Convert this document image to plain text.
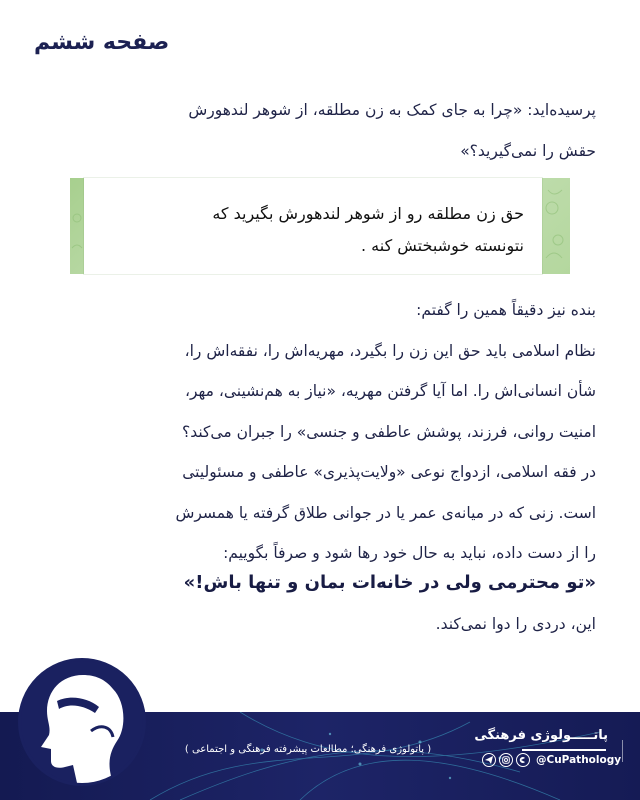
صفحه ششم
پرسیده‌اید: «چرا به جای کمک به زن مطلقه، از شوهر لندهورش
حقش را نمی‌گیرید؟»
حق زن مطلقه رو از شوهر لندهورش بگیرید که
نتونسته خوشبختش کنه .
بنده نیز دقیقاً همین را گفتم:
نظام اسلامی باید حق این زن را بگیرد، مهریه‌اش را، نفقه‌اش را،
شأن انسانی‌اش را. اما آیا گرفتن مهریه، «نیاز به هم‌نشینی، مهر،
امنیت روانی، فرزند، پوشش عاطفی و جنسی» را جبران می‌کند؟
در فقه اسلامی، ازدواج نوعی «ولایت‌پذیری» عاطفی و مسئولیتی
است. زنی که در میانه‌ی عمر یا در جوانی طلاق گرفته یا همسرش
را از دست داده، نباید به حال خود رها شود و صرفاً بگوییم:
«تو محترمی ولی در خانه‌ات بمان و تنها باش!»
این، دردی را دوا نمی‌کند.
( پاتولوژی فرهنگی؛ مطالعات پیشرفته فرهنگی و اجتماعی )
پاتـــــولوژی فرهنگی
@CuPathology
